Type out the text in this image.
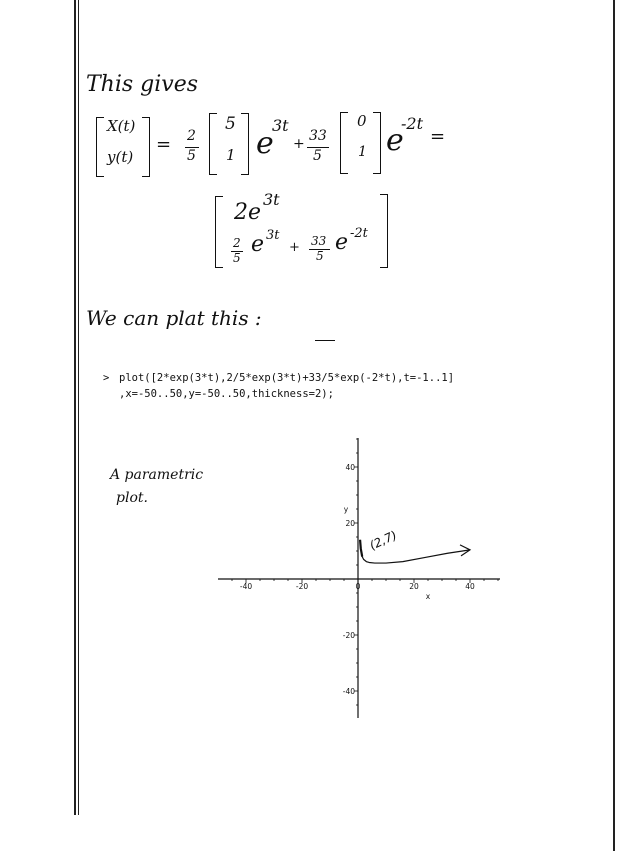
This gives
X(t)
y(t)
= 2
5
5
1 e
3t
+ 33
5
0
1 e
-2t
=
2e
3t
2
5
e 3t
+ 33
5
e -2t
We can plat this :
> plot([2*exp(3*t),2/5*exp(3*t)+33/5*exp(-2*t),t=-1..1]
,x=-50..50,y=-50..50,thickness=2);
A parametric
plot.
-40	-20	0	20	40
40
20
-20
-40
x
y
(2,7)
